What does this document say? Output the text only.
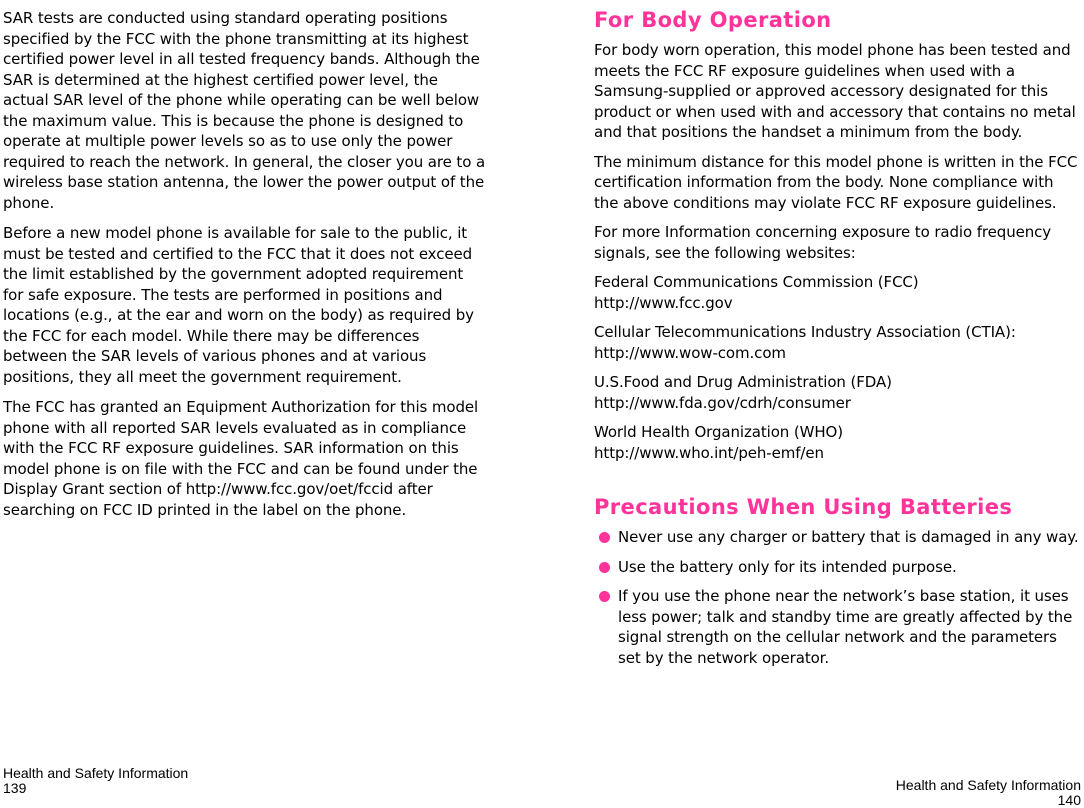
SAR tests are conducted using standard operating positions specified by the FCC with the phone transmitting at its highest certified power level in all tested frequency bands. Although the SAR is determined at the highest certified power level, the actual SAR level of the phone while operating can be well below the maximum value. This is because the phone is designed to operate at multiple power levels so as to use only the power required to reach the network. In general, the closer you are to a wireless base station antenna, the lower the power output of the phone.

Before a new model phone is available for sale to the public, it must be tested and certified to the FCC that it does not exceed the limit established by the government adopted requirement for safe exposure. The tests are performed in positions and locations (e.g., at the ear and worn on the body) as required by the FCC for each model. While there may be differences between the SAR levels of various phones and at various positions, they all meet the government requirement.

The FCC has granted an Equipment Authorization for this model phone with all reported SAR levels evaluated as in compliance with the FCC RF exposure guidelines. SAR information on this model phone is on file with the FCC and can be found under the Display Grant section of http://www.fcc.gov/oet/fccid after searching on FCC ID printed in the label on the phone.

For Body Operation

For body worn operation, this model phone has been tested and meets the FCC RF exposure guidelines when used with a Samsung-supplied or approved accessory designated for this product or when used with and accessory that contains no metal and that positions the handset a minimum from the body.

The minimum distance for this model phone is written in the FCC certification information from the body. None compliance with the above conditions may violate FCC RF exposure guidelines.

For more Information concerning exposure to radio frequency signals, see the following websites:

Federal Communications Commission (FCC)

http://www.fcc.gov

Cellular Telecommunications Industry Association (CTIA):

http://www.wow-com.com

U.S.Food and Drug Administration (FDA)

http://www.fda.gov/cdrh/consumer

World Health Organization (WHO)

http://www.who.int/peh-emf/en

Precautions When Using Batteries

Never use any charger or battery that is damaged in any way.

Use the battery only for its intended purpose.

If you use the phone near the network’s base station, it uses less power; talk and standby time are greatly affected by the signal strength on the cellular network and the parameters set by the network operator.

Health and Safety Information
139	Health and Safety Information
140
